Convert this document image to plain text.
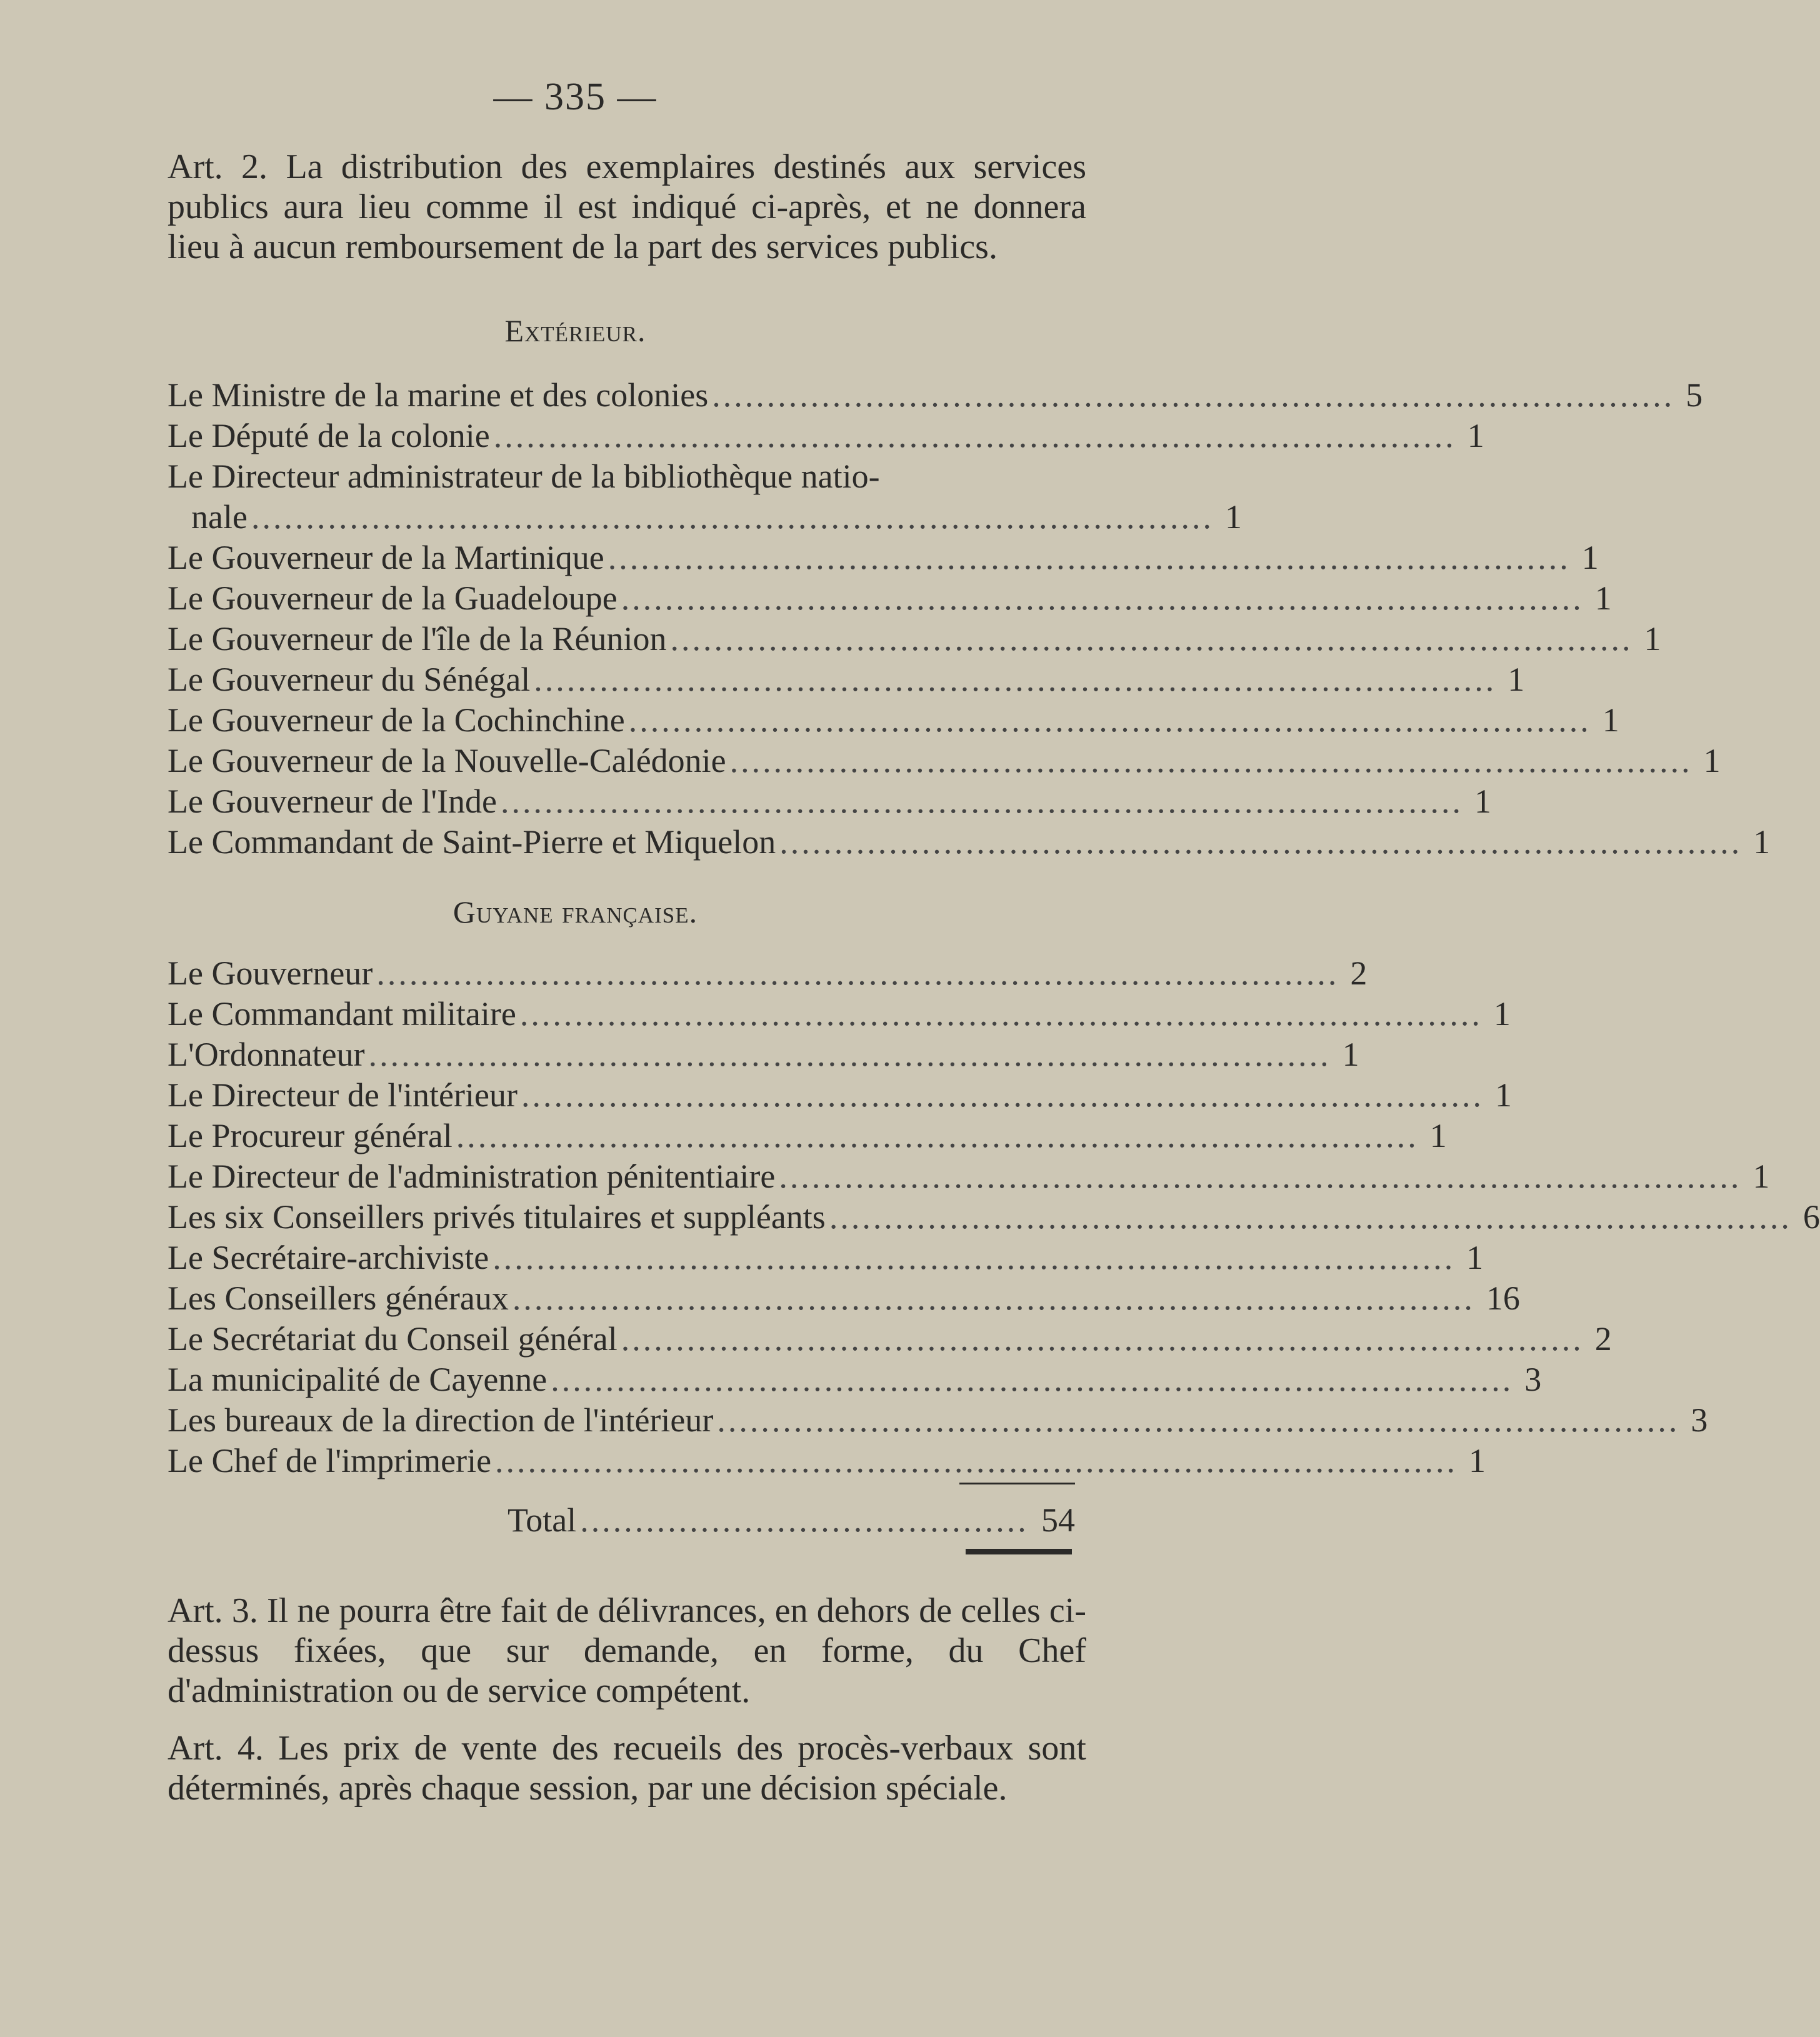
— 335 —
Art. 2. La distribution des exemplaires destinés aux services publics aura lieu comme il est indiqué ci-après, et ne donnera lieu à aucun remboursement de la part des services publics.
Extérieur.
Le Ministre de la marine et des colonies ........................................................................................ 5
Le Député de la colonie ........................................................................................ 1
Le Directeur administrateur de la bibliothèque natio-
nale ........................................................................................ 1
Le Gouverneur de la Martinique ........................................................................................ 1
Le Gouverneur de la Guadeloupe ........................................................................................ 1
Le Gouverneur de l'île de la Réunion ........................................................................................ 1
Le Gouverneur du Sénégal ........................................................................................ 1
Le Gouverneur de la Cochinchine ........................................................................................ 1
Le Gouverneur de la Nouvelle-Calédonie ........................................................................................ 1
Le Gouverneur de l'Inde ........................................................................................ 1
Le Commandant de Saint-Pierre et Miquelon ........................................................................................ 1
Guyane française.
Le Gouverneur ........................................................................................ 2
Le Commandant militaire ........................................................................................ 1
L'Ordonnateur ........................................................................................ 1
Le Directeur de l'intérieur ........................................................................................ 1
Le Procureur général ........................................................................................ 1
Le Directeur de l'administration pénitentiaire ........................................................................................ 1
Les six Conseillers privés titulaires et suppléants ........................................................................................ 6
Le Secrétaire-archiviste ........................................................................................ 1
Les Conseillers généraux ........................................................................................ 16
Le Secrétariat du Conseil général ........................................................................................ 2
La municipalité de Cayenne ........................................................................................ 3
Les bureaux de la direction de l'intérieur ........................................................................................ 3
Le Chef de l'imprimerie ........................................................................................ 1
Total ......................................... 54
Art. 3. Il ne pourra être fait de délivrances, en dehors de celles ci-dessus fixées, que sur demande, en forme, du Chef d'administration ou de service compétent.
Art. 4. Les prix de vente des recueils des procès-verbaux sont déterminés, après chaque session, par une décision spéciale.
